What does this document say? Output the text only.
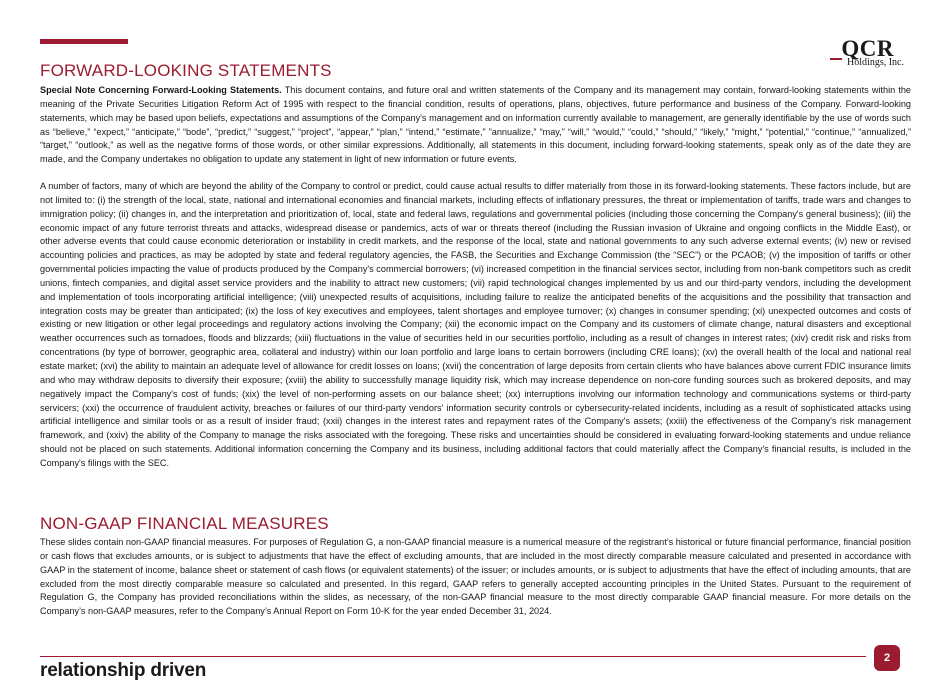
QCR
Holdings, Inc.
FORWARD-LOOKING STATEMENTS

Special Note Concerning Forward-Looking Statements. This document contains, and future oral and written statements of the Company and its management may contain, forward-looking statements within the meaning of the Private Securities Litigation Reform Act of 1995 with respect to the financial condition, results of operations, plans, objectives, future performance and business of the Company. Forward-looking statements, which may be based upon beliefs, expectations and assumptions of the Company's management and on information currently available to management, are generally identifiable by the use of words such as “believe,” “expect,” “anticipate,” “bode”, “predict,” “suggest,” “project”, “appear,” “plan,” “intend,” “estimate,” ”annualize,” “may,” “will,” “would,” “could,” “should,” “likely,” “might,” “potential,” “continue,” “annualized,” “target,” “outlook,” as well as the negative forms of those words, or other similar expressions. Additionally, all statements in this document, including forward-looking statements, speak only as of the date they are made, and the Company undertakes no obligation to update any statement in light of new information or future events.

A number of factors, many of which are beyond the ability of the Company to control or predict, could cause actual results to differ materially from those in its forward-looking statements. These factors include, but are not limited to: (i) the strength of the local, state, national and international economies and financial markets, including effects of inflationary pressures, the threat or implementation of tariffs, trade wars and changes to immigration policy; (ii) changes in, and the interpretation and prioritization of, local, state and federal laws, regulations and governmental policies (including those concerning the Company's general business); (iii) the economic impact of any future terrorist threats and attacks, widespread disease or pandemics, acts of war or threats thereof (including the Russian invasion of Ukraine and ongoing conflicts in the Middle East), or other adverse events that could cause economic deterioration or instability in credit markets, and the response of the local, state and national governments to any such adverse external events; (iv) new or revised accounting policies and practices, as may be adopted by state and federal regulatory agencies, the FASB, the Securities and Exchange Commission (the “SEC”) or the PCAOB; (v) the imposition of tariffs or other governmental policies impacting the value of products produced by the Company's commercial borrowers; (vi) increased competition in the financial services sector, including from non-bank competitors such as credit unions, fintech companies, and digital asset service providers and the inability to attract new customers; (vii) rapid technological changes implemented by us and our third-party vendors, including the development and implementation of tools incorporating artificial intelligence; (viii) unexpected results of acquisitions, including failure to realize the anticipated benefits of the acquisitions and the possibility that transaction and integration costs may be greater than anticipated; (ix) the loss of key executives and employees, talent shortages and employee turnover; (x) changes in consumer spending; (xi) unexpected outcomes and costs of existing or new litigation or other legal proceedings and regulatory actions involving the Company; (xii) the economic impact on the Company and its customers of climate change, natural disasters and exceptional weather occurrences such as tornadoes, floods and blizzards; (xiii) fluctuations in the value of securities held in our securities portfolio, including as a result of changes in interest rates; (xiv) credit risk and risks from concentrations (by type of borrower, geographic area, collateral and industry) within our loan portfolio and large loans to certain borrowers (including CRE loans); (xv) the overall health of the local and national real estate market; (xvi) the ability to maintain an adequate level of allowance for credit losses on loans; (xvii) the concentration of large deposits from certain clients who have balances above current FDIC insurance limits and who may withdraw deposits to diversify their exposure; (xviii) the ability to successfully manage liquidity risk, which may increase dependence on non-core funding sources such as brokered deposits, and may negatively impact the Company's cost of funds; (xix) the level of non-performing assets on our balance sheet; (xx) interruptions involving our information technology and communications systems or third-party servicers; (xxi) the occurrence of fraudulent activity, breaches or failures of our third-party vendors' information security controls or cybersecurity-related incidents, including as a result of sophisticated attacks using artificial intelligence and similar tools or as a result of insider fraud; (xxii) changes in the interest rates and repayment rates of the Company's assets; (xxiii) the effectiveness of the Company's risk management framework, and (xxiv) the ability of the Company to manage the risks associated with the foregoing. These risks and uncertainties should be considered in evaluating forward-looking statements and undue reliance should not be placed on such statements. Additional information concerning the Company and its business, including additional factors that could materially affect the Company's financial results, is included in the Company's filings with the SEC.

NON-GAAP FINANCIAL MEASURES

These slides contain non-GAAP financial measures. For purposes of Regulation G, a non-GAAP financial measure is a numerical measure of the registrant’s historical or future financial performance, financial position or cash flows that excludes amounts, or is subject to adjustments that have the effect of excluding amounts, that are included in the most directly comparable measure calculated and presented in accordance with GAAP in the statement of income, balance sheet or statement of cash flows (or equivalent statements) of the issuer; or includes amounts, or is subject to adjustments that have the effect of including amounts, that are excluded from the most directly comparable measure so calculated and presented. In this regard, GAAP refers to generally accepted accounting principles in the United States. Pursuant to the requirement of Regulation G, the Company has provided reconciliations within the slides, as necessary, of the non-GAAP financial measure to the most directly comparable GAAP financial measure. For more details on the Company’s non-GAAP measures, refer to the Company’s Annual Report on Form 10-K for the year ended December 31, 2024.

relationship driven
2
